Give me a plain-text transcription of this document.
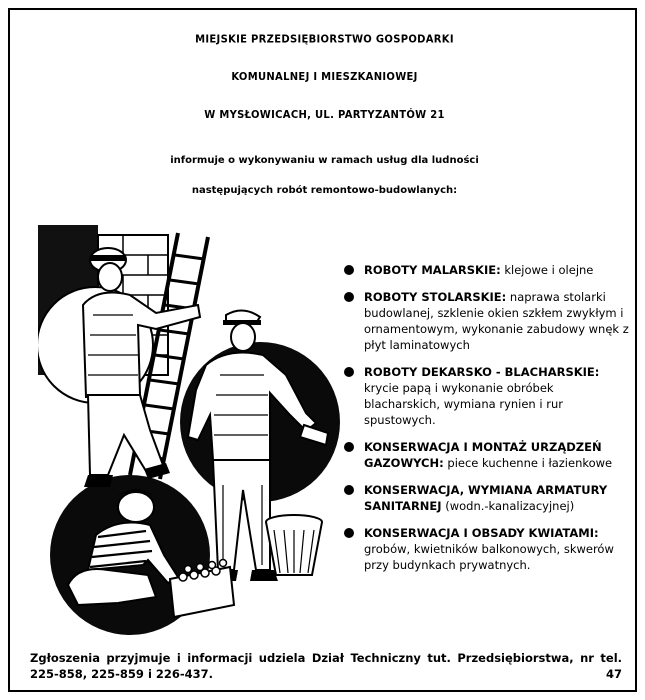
MIEJSKIE PRZEDSIĘBIORSTWO GOSPODARKI
KOMUNALNEJ I MIESZKANIOWEJ
W MYSŁOWICACH, UL. PARTYZANTÓW 21
informuje o wykonywaniu w ramach usług dla ludności
następujących robót remontowo-budowlanych:
ROBOTY MALARSKIE: klejowe i olejne
ROBOTY STOLARSKIE: naprawa stolarki budowlanej, szklenie okien szkłem zwykłym i ornamentowym, wykonanie zabudowy wnęk z płyt laminatowych
ROBOTY DEKARSKO - BLACHARSKIE: krycie papą i wykonanie obróbek blacharskich, wymiana rynien i rur spustowych.
KONSERWACJA I MONTAŻ URZĄDZEŃ GAZOWYCH: piece kuchenne i łazienkowe
KONSERWACJA, WYMIANA ARMATURY SANITARNEJ (wodn.-kanalizacyjnej)
KONSERWACJA I OBSADY KWIATAMI: grobów, kwietników balkonowych, skwerów przy budynkach prywatnych.
Zgłoszenia przyjmuje i informacji udziela Dział Techniczny tut. Przedsiębiorstwa, nr tel.
225-858, 225-859 i 226-437.	47
